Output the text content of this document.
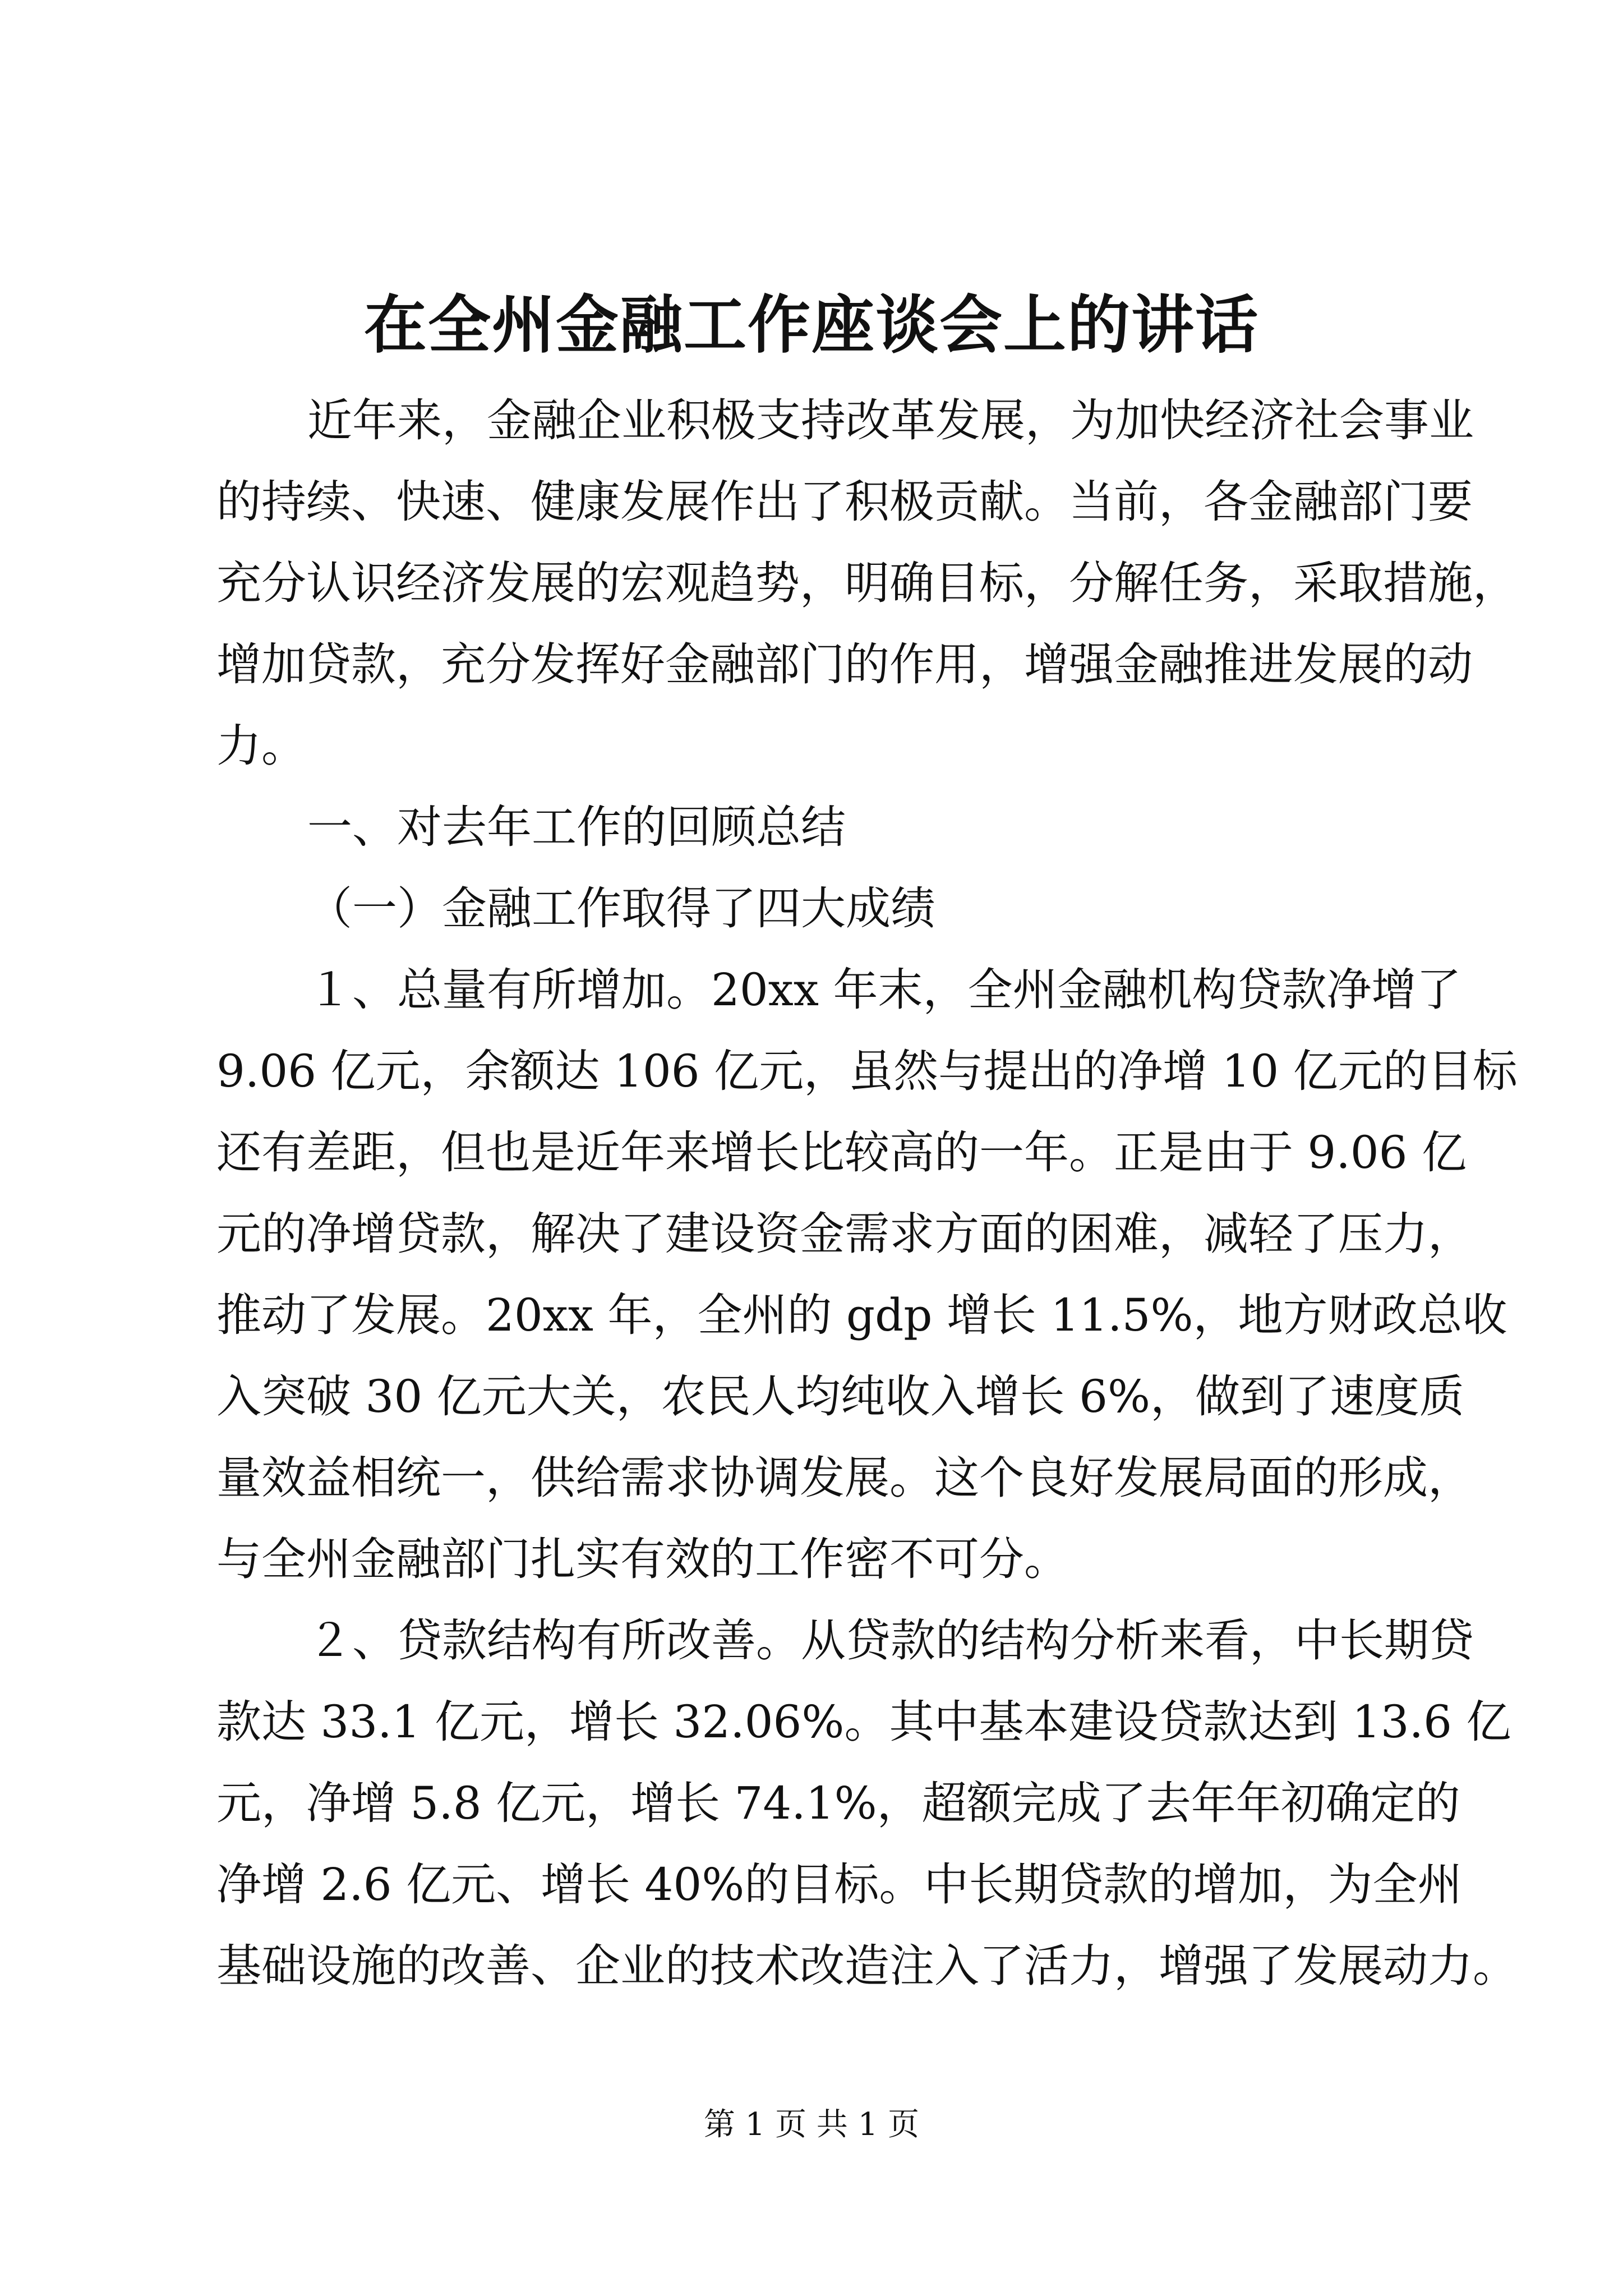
在全州金融工作座谈会上的讲话
近年来，金融企业积极支持改革发展，为加快经济社会事业
的持续、快速、健康发展作出了积极贡献。当前，各金融部门要
充分认识经济发展的宏观趋势，明确目标，分解任务，采取措施，
增加贷款，充分发挥好金融部门的作用，增强金融推进发展的动
力。
一、对去年工作的回顾总结
（一）金融工作取得了四大成绩
１、总量有所增加。20xx 年末，全州金融机构贷款净增了
9.06 亿元，余额达 106 亿元，虽然与提出的净增 10 亿元的目标
还有差距，但也是近年来增长比较高的一年。正是由于 9.06 亿
元的净增贷款，解决了建设资金需求方面的困难，减轻了压力，
推动了发展。20xx 年，全州的 gdp 增长 11.5%，地方财政总收
入突破 30 亿元大关，农民人均纯收入增长 6%，做到了速度质
量效益相统一，供给需求协调发展。这个良好发展局面的形成，
与全州金融部门扎实有效的工作密不可分。
２、贷款结构有所改善。从贷款的结构分析来看，中长期贷
款达 33.1 亿元，增长 32.06%。其中基本建设贷款达到 13.6 亿
元，净增 5.8 亿元，增长 74.1%，超额完成了去年年初确定的
净增 2.6 亿元、增长 40%的目标。中长期贷款的增加，为全州
基础设施的改善、企业的技术改造注入了活力，增强了发展动力。
第 1 页 共 1 页
